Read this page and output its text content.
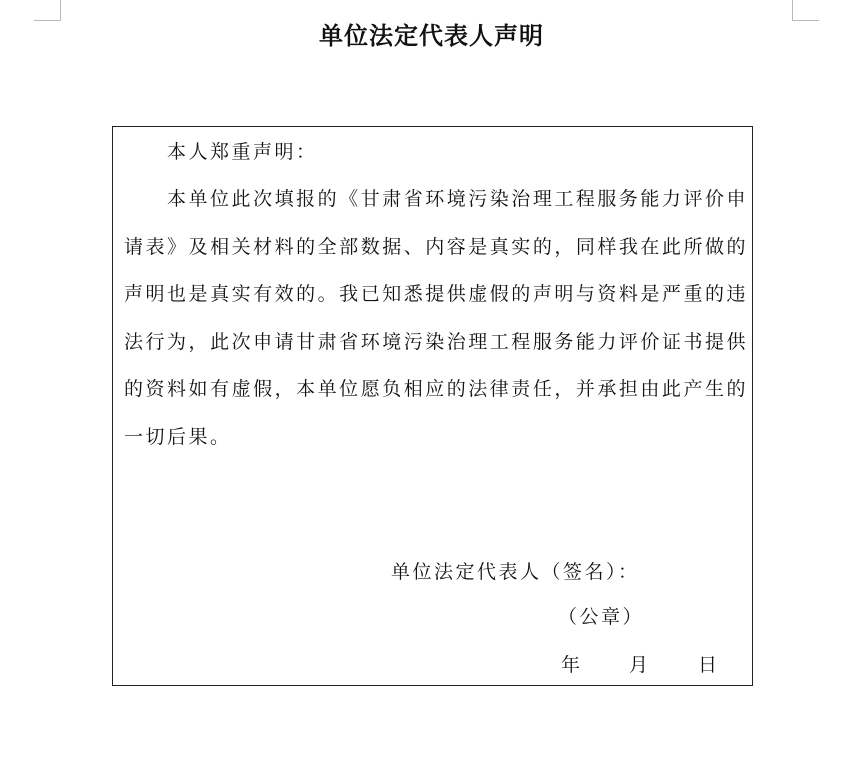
单位法定代表人声明

本人郑重声明：

本单位此次填报的《甘肃省环境污染治理工程服务能力评价申请表》及相关材料的全部数据、内容是真实的，同样我在此所做的声明也是真实有效的。我已知悉提供虚假的声明与资料是严重的违法行为，此次申请甘肃省环境污染治理工程服务能力评价证书提供的资料如有虚假，本单位愿负相应的法律责任，并承担由此产生的一切后果。

单位法定代表人（签名）：
（公章）
年 月 日
